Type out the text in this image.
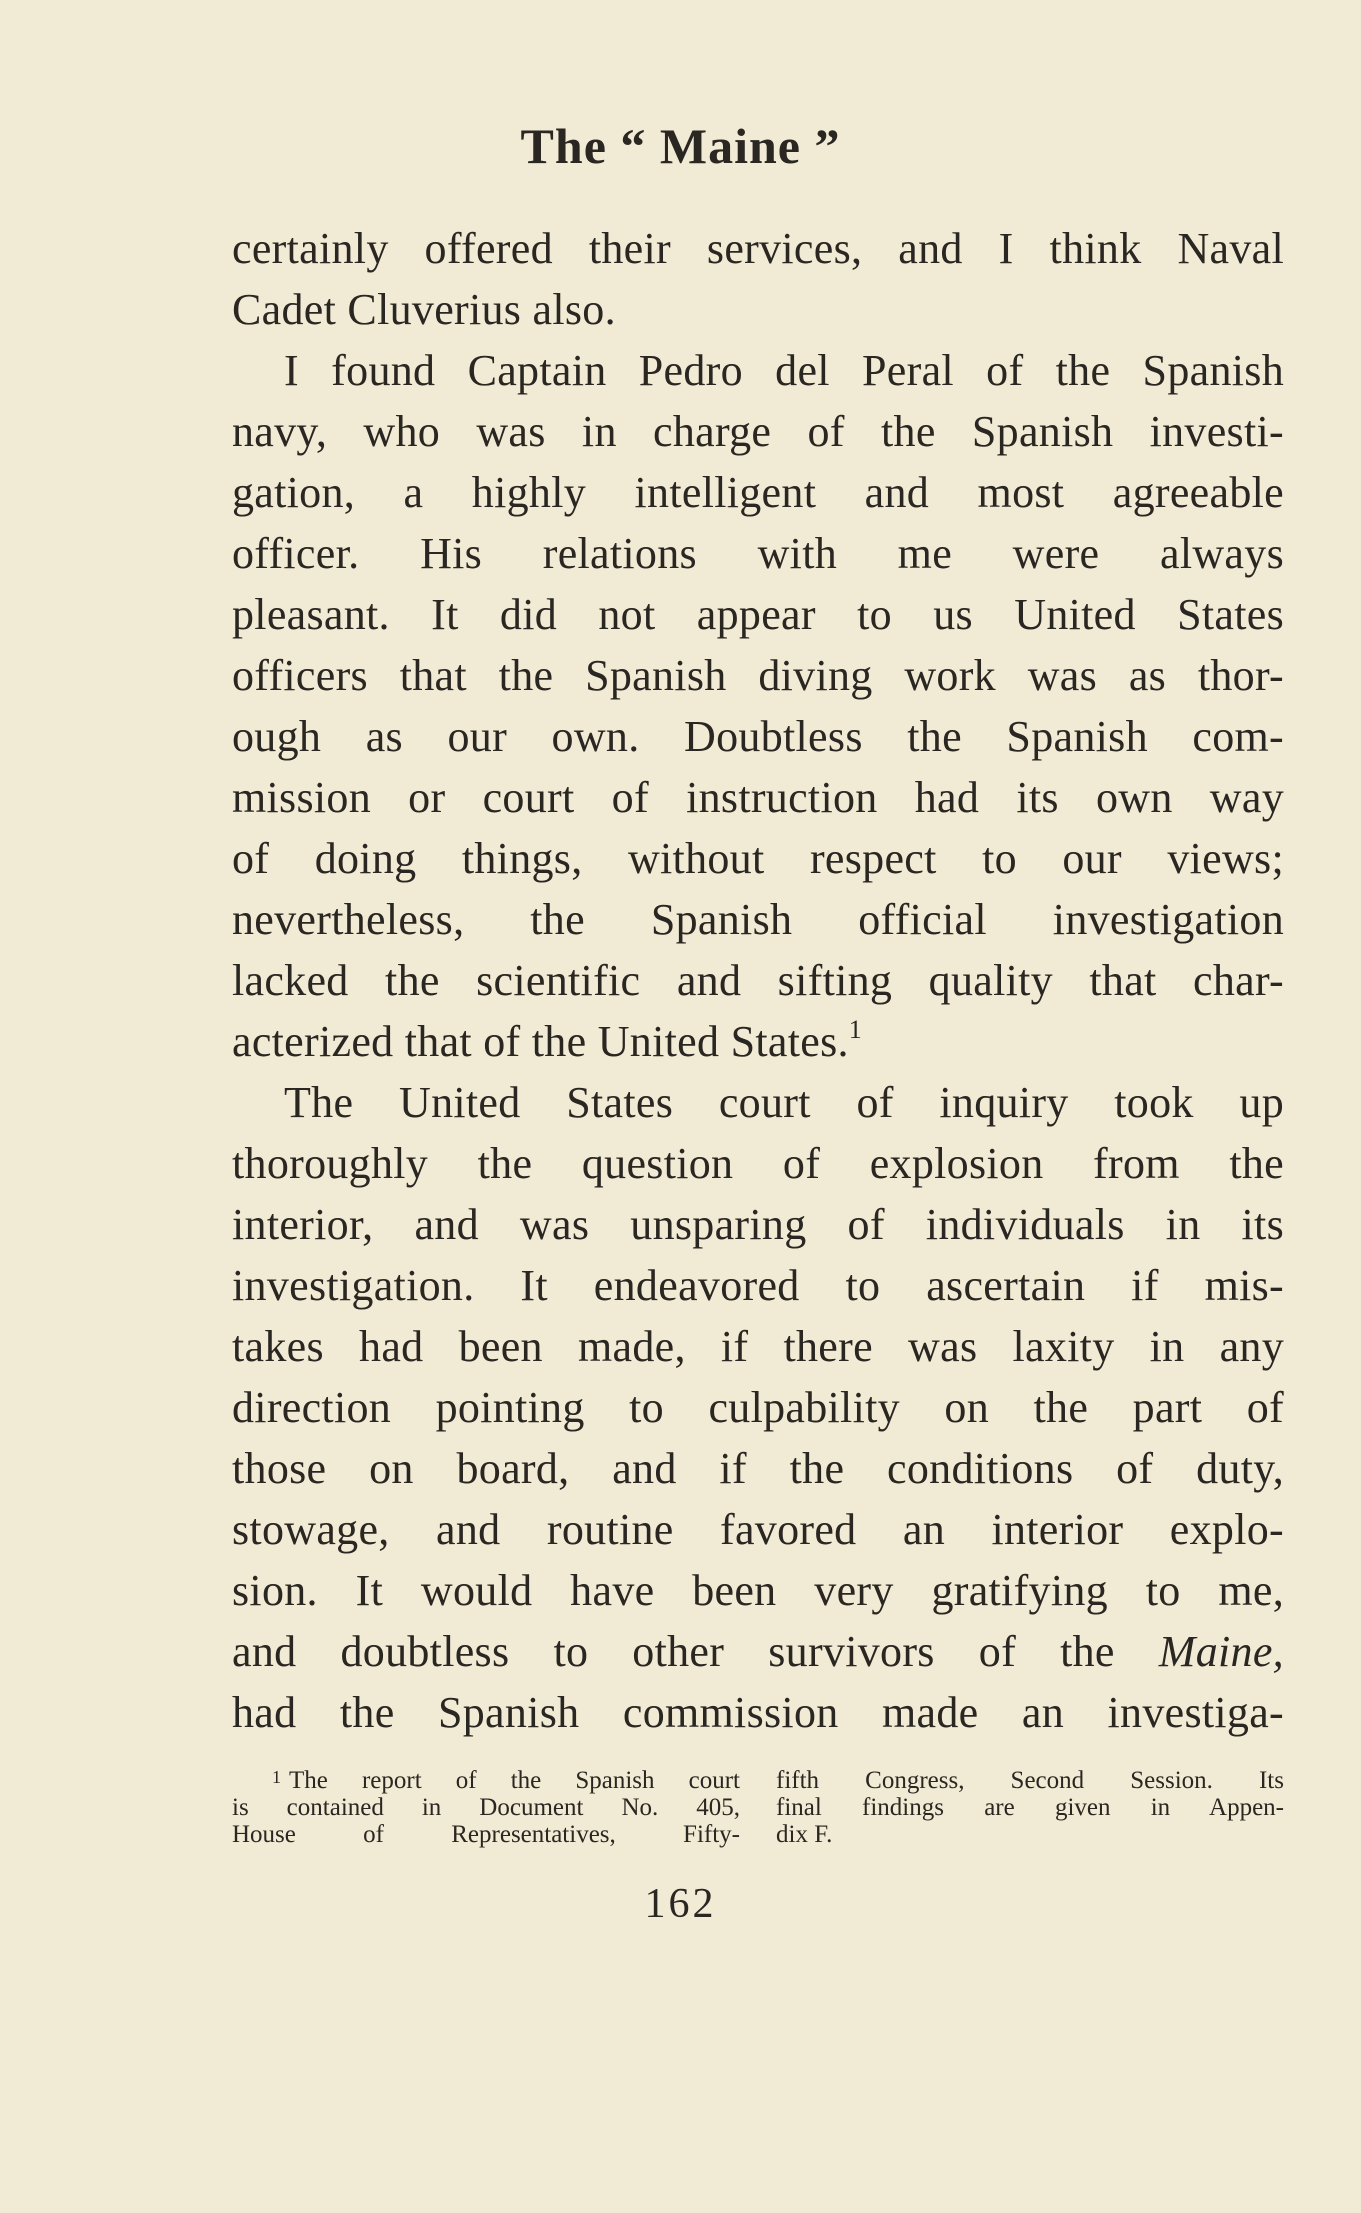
The “ Maine ”
certainly offered their services, and I think Naval
Cadet Cluverius also.
I found Captain Pedro del Peral of the Spanish
navy, who was in charge of the Spanish investi-
gation, a highly intelligent and most agreeable
officer. His relations with me were always
pleasant. It did not appear to us United States
officers that the Spanish diving work was as thor-
ough as our own. Doubtless the Spanish com-
mission or court of instruction had its own way
of doing things, without respect to our views;
nevertheless, the Spanish official investigation
lacked the scientific and sifting quality that char-
acterized that of the United States.$^1$
The United States court of inquiry took up
thoroughly the question of explosion from the
interior, and was unsparing of individuals in its
investigation. It endeavored to ascertain if mis-
takes had been made, if there was laxity in any
direction pointing to culpability on the part of
those on board, and if the conditions of duty,
stowage, and routine favored an interior explo-
sion. It would have been very gratifying to me,
and doubtless to other survivors of the Maine,
had the Spanish commission made an investiga-
$^1$ The report of the Spanish court
is contained in Document No. 405,
House of Representatives, Fifty-
fifth Congress, Second Session. Its
final findings are given in Appen-
dix F.
162
